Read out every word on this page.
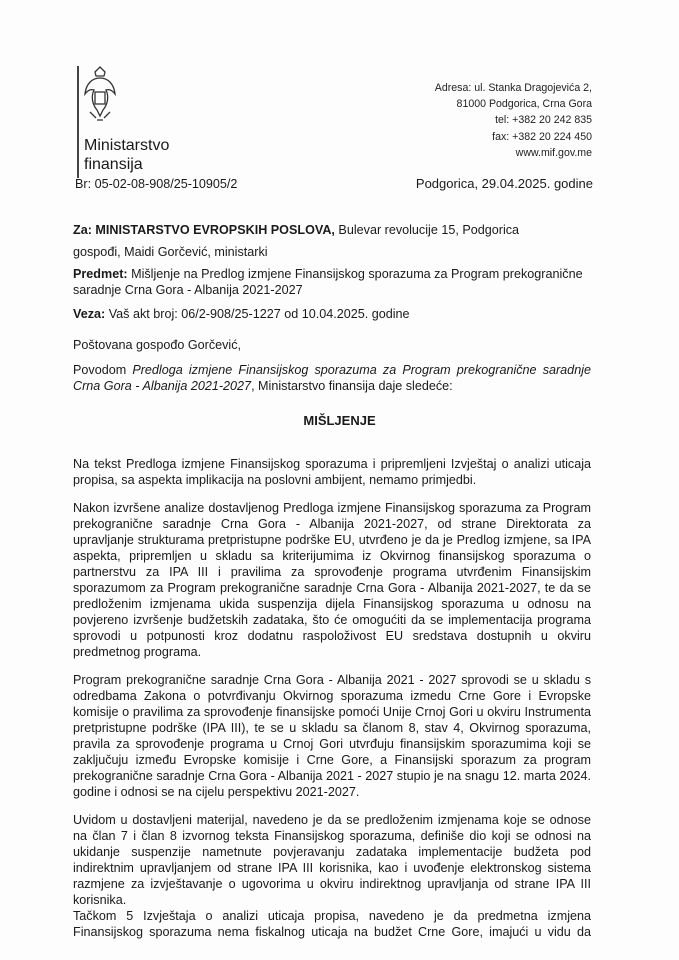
Ministarstvo
finansija
Adresa: ul. Stanka Dragojevića 2,
81000 Podgorica, Crna Gora
tel: +382 20 242 835
fax: +382 20 224 450
www.mif.gov.me
Br: 05-02-08-908/25-10905/2	Podgorica, 29.04.2025. godine
Za: MINISTARSTVO EVROPSKIH POSLOVA, Bulevar revolucije 15, Podgorica
gospođi, Maidi Gorčević, ministarki
Predmet: Mišljenje na Predlog izmjene Finansijskog sporazuma za Program prekogranične
saradnje Crna Gora - Albanija 2021-2027
Veza: Vaš akt broj: 06/2-908/25-1227 od 10.04.2025. godine
Poštovana gospođo Gorčević,
Povodom Predloga izmjene Finansijskog sporazuma za Program prekogranične saradnje
Crna Gora - Albanija 2021-2027, Ministarstvo finansija daje sledeće:
MIŠLJENJE
Na tekst Predloga izmjene Finansijskog sporazuma i pripremljeni Izvještaj o analizi uticaja
propisa, sa aspekta implikacija na poslovni ambijent, nemamo primjedbi.
Nakon izvršene analize dostavljenog Predloga izmjene Finansijskog sporazuma za Program
prekogranične saradnje Crna Gora - Albanija 2021-2027, od strane Direktorata za
upravljanje strukturama pretpristupne podrške EU, utvrđeno je da je Predlog izmjene, sa IPA
aspekta, pripremljen u skladu sa kriterijumima iz Okvirnog finansijskog sporazuma o
partnerstvu za IPA III i pravilima za sprovođenje programa utvrđenim Finansijskim
sporazumom za Program prekogranične saradnje Crna Gora - Albanija 2021-2027, te da se
predloženim izmjenama ukida suspenzija dijela Finansijskog sporazuma u odnosu na
povjereno izvršenje budžetskih zadataka, što će omogućiti da se implementacija programa
sprovodi u potpunosti kroz dodatnu raspoloživost EU sredstava dostupnih u okviru
predmetnog programa.
Program prekogranične saradnje Crna Gora - Albanija 2021 - 2027 sprovodi se u skladu s
odredbama Zakona o potvrđivanju Okvirnog sporazuma izmedu Crne Gore i Evropske
komisije o pravilima za sprovođenje finansijske pomoći Unije Crnoj Gori u okviru Instrumenta
pretpristupne podrške (IPA III), te se u skladu sa članom 8, stav 4, Okvirnog sporazuma,
pravila za sprovođenje programa u Crnoj Gori utvrđuju finansijskim sporazumima koji se
zaključuju između Evropske komisije i Crne Gore, a Finansijski sporazum za program
prekogranične saradnje Crna Gora - Albanija 2021 - 2027 stupio je na snagu 12. marta 2024.
godine i odnosi se na cijelu perspektivu 2021-2027.
Uvidom u dostavljeni materijal, navedeno je da se predloženim izmjenama koje se odnose
na član 7 i član 8 izvornog teksta Finansijskog sporazuma, definiše dio koji se odnosi na
ukidanje suspenzije nametnute povjeravanju zadataka implementacije budžeta pod
indirektnim upravljanjem od strane IPA III korisnika, kao i uvođenje elektronskog sistema
razmjene za izvještavanje o ugovorima u okviru indirektnog upravljanja od strane IPA III
korisnika.
Tačkom 5 Izvještaja o analizi uticaja propisa, navedeno je da predmetna izmjena
Finansijskog sporazuma nema fiskalnog uticaja na budžet Crne Gore, imajući u vidu da
